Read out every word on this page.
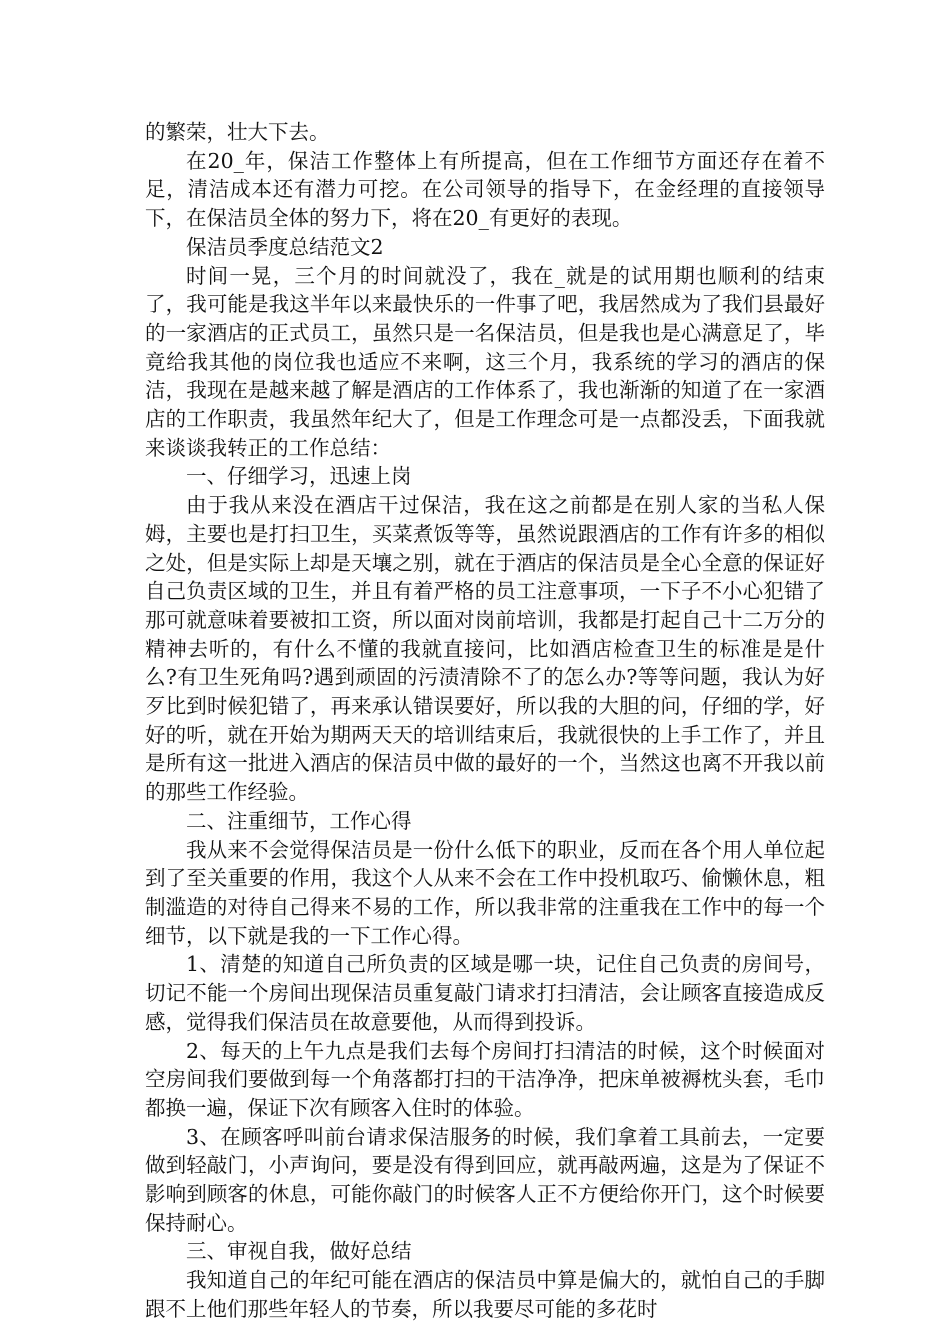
的繁荣，壮大下去。

在20_年，保洁工作整体上有所提高，但在工作细节方面还存在着不足，清洁成本还有潜力可挖。在公司领导的指导下，在金经理的直接领导下，在保洁员全体的努力下，将在20_有更好的表现。

保洁员季度总结范文2

时间一晃，三个月的时间就没了，我在_就是的试用期也顺利的结束了，我可能是我这半年以来最快乐的一件事了吧，我居然成为了我们县最好的一家酒店的正式员工，虽然只是一名保洁员，但是我也是心满意足了，毕竟给我其他的岗位我也适应不来啊，这三个月，我系统的学习的酒店的保洁，我现在是越来越了解是酒店的工作体系了，我也渐渐的知道了在一家酒店的工作职责，我虽然年纪大了，但是工作理念可是一点都没丢，下面我就来谈谈我转正的工作总结：

一、仔细学习，迅速上岗

由于我从来没在酒店干过保洁，我在这之前都是在别人家的当私人保姆，主要也是打扫卫生，买菜煮饭等等，虽然说跟酒店的工作有许多的相似之处，但是实际上却是天壤之别，就在于酒店的保洁员是全心全意的保证好自己负责区域的卫生，并且有着严格的员工注意事项，一下子不小心犯错了那可就意味着要被扣工资，所以面对岗前培训，我都是打起自己十二万分的精神去听的，有什么不懂的我就直接问，比如酒店检查卫生的标准是是什么?有卫生死角吗?遇到顽固的污渍清除不了的怎么办?等等问题，我认为好歹比到时候犯错了，再来承认错误要好，所以我的大胆的问，仔细的学，好好的听，就在开始为期两天天的培训结束后，我就很快的上手工作了，并且是所有这一批进入酒店的保洁员中做的最好的一个，当然这也离不开我以前的那些工作经验。

二、注重细节，工作心得

我从来不会觉得保洁员是一份什么低下的职业，反而在各个用人单位起到了至关重要的作用，我这个人从来不会在工作中投机取巧、偷懒休息，粗制滥造的对待自己得来不易的工作，所以我非常的注重我在工作中的每一个细节，以下就是我的一下工作心得。

1、清楚的知道自己所负责的区域是哪一块，记住自己负责的房间号，切记不能一个房间出现保洁员重复敲门请求打扫清洁，会让顾客直接造成反感，觉得我们保洁员在故意要他，从而得到投诉。

2、每天的上午九点是我们去每个房间打扫清洁的时候，这个时候面对空房间我们要做到每一个角落都打扫的干洁净净，把床单被褥枕头套，毛巾都换一遍，保证下次有顾客入住时的体验。

3、在顾客呼叫前台请求保洁服务的时候，我们拿着工具前去，一定要做到轻敲门，小声询问，要是没有得到回应，就再敲两遍，这是为了保证不影响到顾客的休息，可能你敲门的时候客人正不方便给你开门，这个时候要保持耐心。

三、审视自我，做好总结

我知道自己的年纪可能在酒店的保洁员中算是偏大的，就怕自己的手脚跟不上他们那些年轻人的节奏，所以我要尽可能的多花时
